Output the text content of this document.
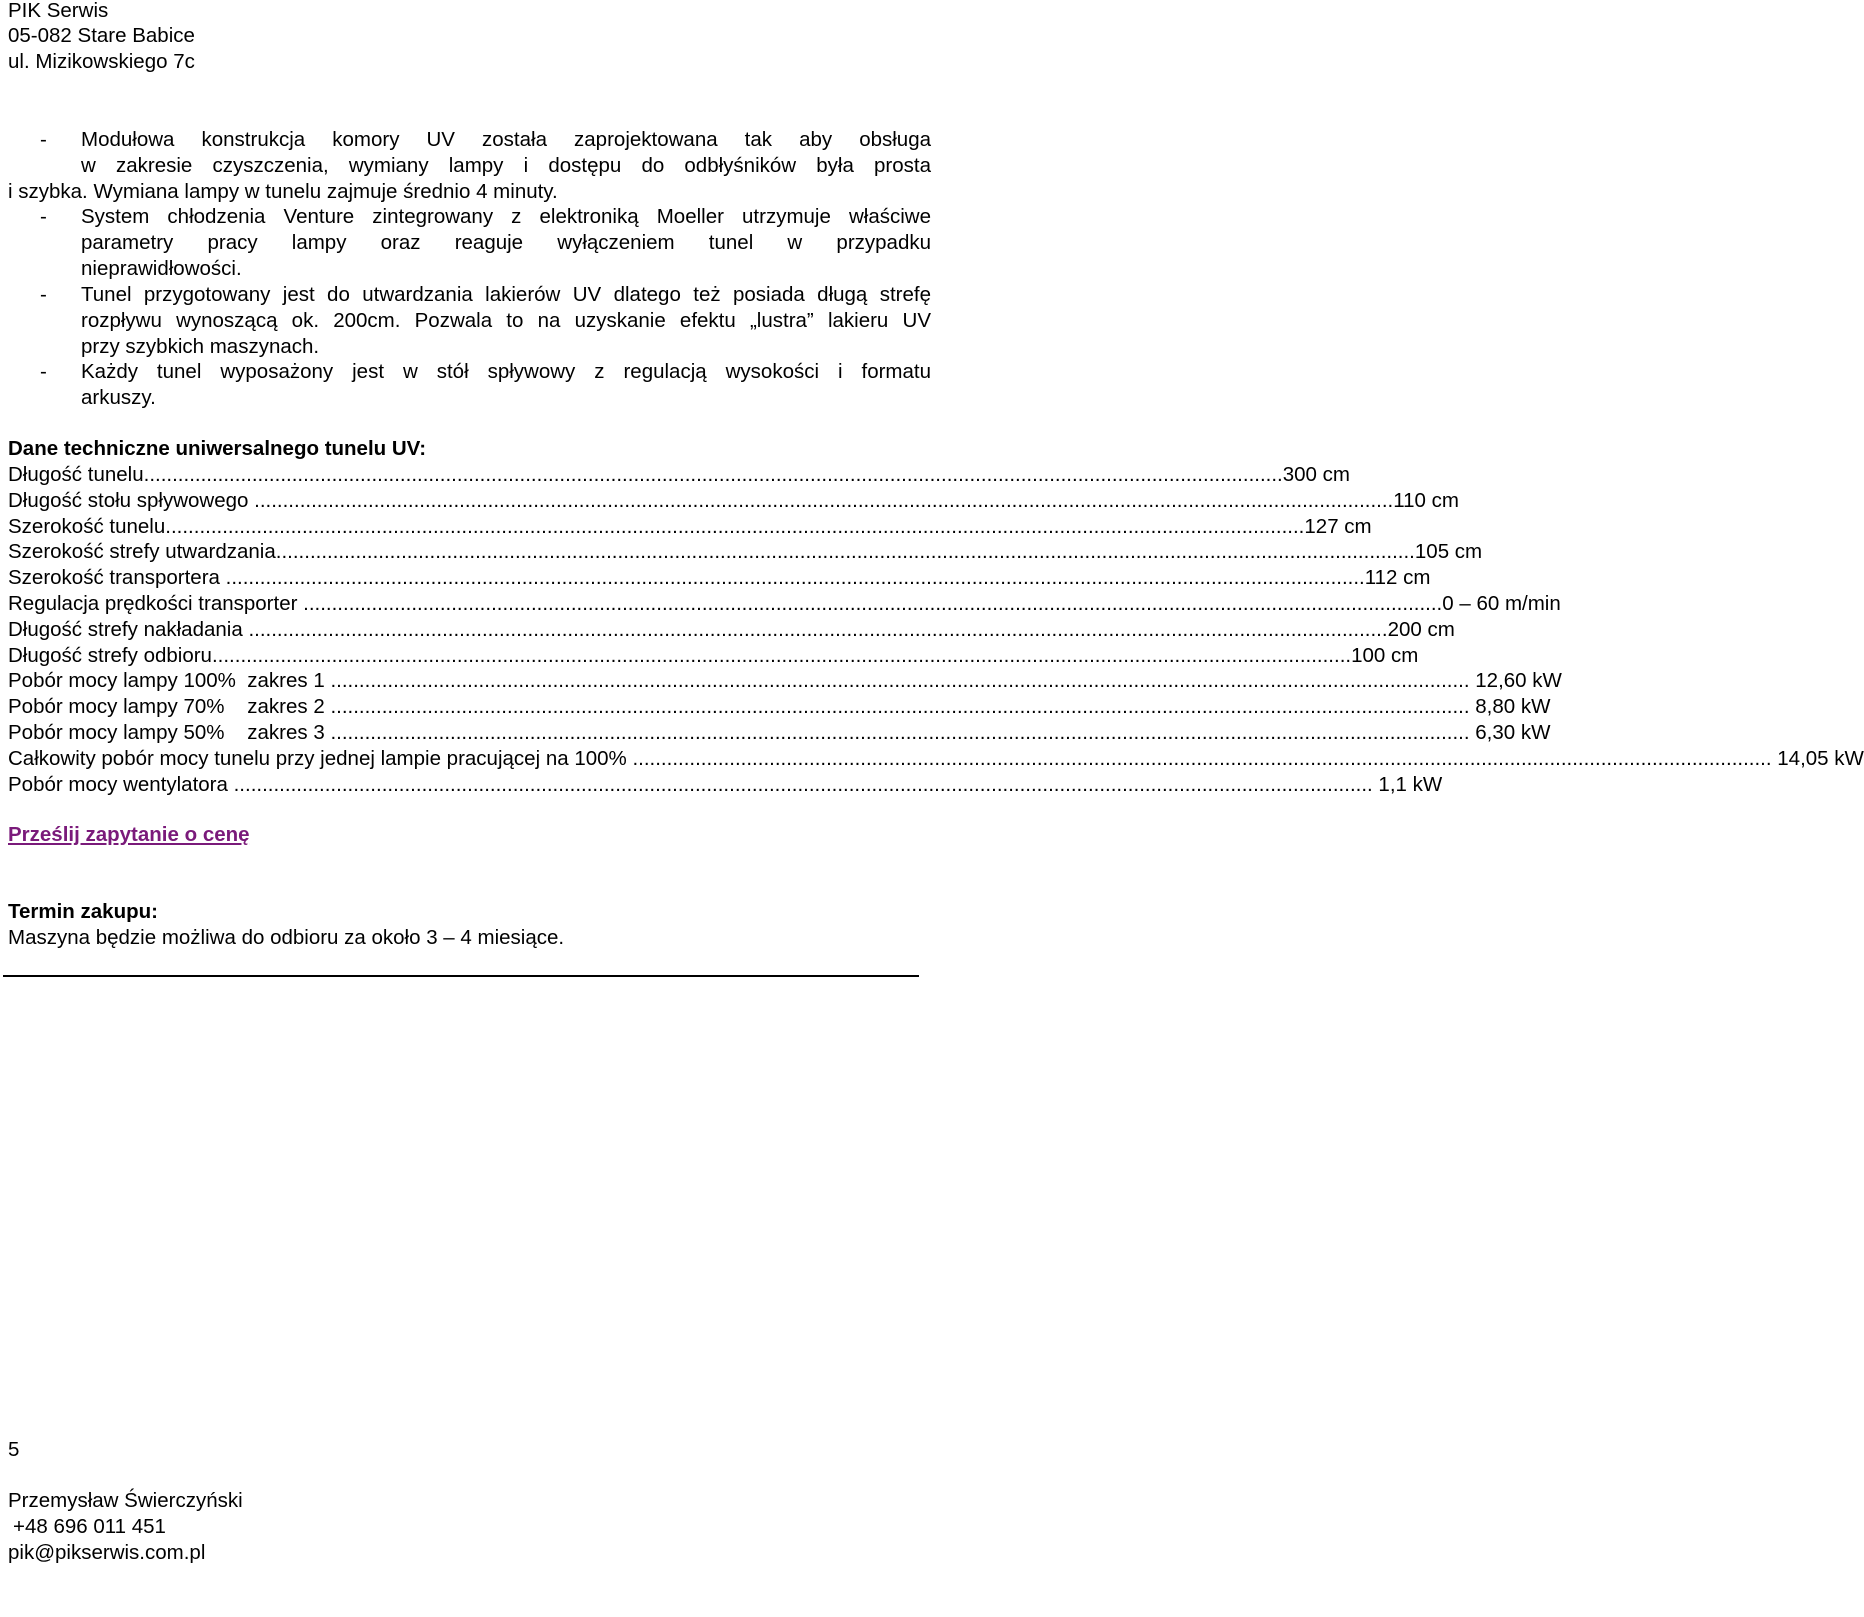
PIK Serwis
05-082 Stare Babice
ul. Mizikowskiego 7c
- Modułowa konstrukcja komory UV została zaprojektowana tak aby obsługa
w zakresie czyszczenia, wymiany lampy i dostępu do odbłyśników była prosta
i szybka. Wymiana lampy w tunelu zajmuje średnio 4 minuty.
- System chłodzenia Venture zintegrowany z elektroniką Moeller utrzymuje właściwe
parametry pracy lampy oraz reaguje wyłączeniem tunel w przypadku
nieprawidłowości.
- Tunel przygotowany jest do utwardzania lakierów UV dlatego też posiada długą strefę
rozpływu wynoszącą ok. 200cm. Pozwala to na uzyskanie efektu „lustra” lakieru UV
przy szybkich maszynach.
- Każdy tunel wyposażony jest w stół spływowy z regulacją wysokości i formatu
arkuszy.
Dane techniczne uniwersalnego tunelu UV:
Długość tunelu ........................................................................................................................................................................................................ 300 cm
Długość stołu spływowego ........................................................................................................................................................................................................ 110 cm
Szerokość tunelu ........................................................................................................................................................................................................ 127 cm
Szerokość strefy utwardzania ........................................................................................................................................................................................................ 105 cm
Szerokość transportera ........................................................................................................................................................................................................ 112 cm
Regulacja prędkości transporter ........................................................................................................................................................................................................ 0 – 60 m/min
Długość strefy nakładania ........................................................................................................................................................................................................ 200 cm
Długość strefy odbioru ........................................................................................................................................................................................................ 100 cm
Pobór mocy lampy 100%  zakres 1 ........................................................................................................................................................................................................ 12,60 kW
Pobór mocy lampy 70%    zakres 2 ........................................................................................................................................................................................................ 8,80 kW
Pobór mocy lampy 50%    zakres 3 ........................................................................................................................................................................................................ 6,30 kW
Całkowity pobór mocy tunelu przy jednej lampie pracującej na 100% ........................................................................................................................................................................................................ 14,05 kW
Pobór mocy wentylatora ........................................................................................................................................................................................................ 1,1 kW
Prześlij zapytanie o cenę
Termin zakupu:
Maszyna będzie możliwa do odbioru za około 3 – 4 miesiące.
5
Przemysław Świerczyński
+48 696 011 451
pik@pikserwis.com.pl
